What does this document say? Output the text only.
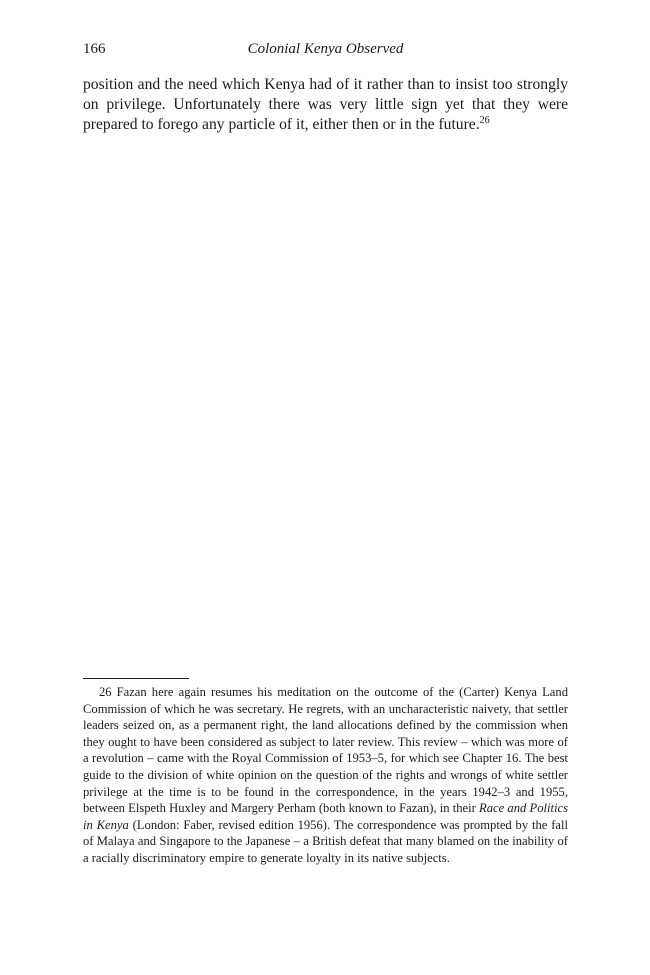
166	Colonial Kenya Observed

position and the need which Kenya had of it rather than to insist too strongly on privilege. Unfortunately there was very little sign yet that they were prepared to forego any particle of it, either then or in the future.$^{26}$

26 Fazan here again resumes his meditation on the outcome of the (Carter) Kenya Land Commission of which he was secretary. He regrets, with an uncharacteristic naivety, that settler leaders seized on, as a permanent right, the land allocations defined by the commission when they ought to have been considered as subject to later review. This review – which was more of a revolution – came with the Royal Commission of 1953–5, for which see Chapter 16. The best guide to the division of white opinion on the question of the rights and wrongs of white settler privilege at the time is to be found in the correspondence, in the years 1942–3 and 1955, between Elspeth Huxley and Margery Perham (both known to Fazan), in their Race and Politics in Kenya (London: Faber, revised edition 1956). The correspondence was prompted by the fall of Malaya and Singapore to the Japanese – a British defeat that many blamed on the inability of a racially discriminatory empire to generate loyalty in its native subjects.
